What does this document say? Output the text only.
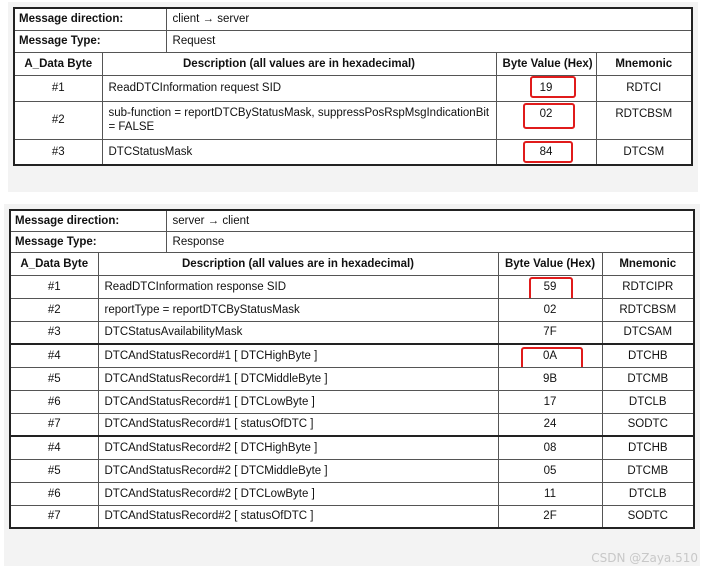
Message direction:		client → server		
Message Type:		Request		
A_Data Byte	Description (all values are in hexadecimal)		Byte Value (Hex)	Mnemonic
#1	ReadDTCInformation request SID		19	RDTCI
#2	sub-function = reportDTCByStatusMask, suppressPosRspMsgIndicationBit = FALSE		02	RDTCBSM
#3	DTCStatusMask		84	DTCSM
Message direction:		server → client		
Message Type:		Response		
A_Data Byte	Description (all values are in hexadecimal)		Byte Value (Hex)	Mnemonic
#1	ReadDTCInformation response SID		59	RDTCIPR
#2	reportType = reportDTCByStatusMask		02	RDTCBSM
#3	DTCStatusAvailabilityMask		7F	DTCSAM
#4	DTCAndStatusRecord#1 [ DTCHighByte ]		0A	DTCHB
#5	DTCAndStatusRecord#1 [ DTCMiddleByte ]		9B	DTCMB
#6	DTCAndStatusRecord#1 [ DTCLowByte ]		17	DTCLB
#7	DTCAndStatusRecord#1 [ statusOfDTC ]		24	SODTC
#4	DTCAndStatusRecord#2 [ DTCHighByte ]		08	DTCHB
#5	DTCAndStatusRecord#2 [ DTCMiddleByte ]		05	DTCMB
#6	DTCAndStatusRecord#2 [ DTCLowByte ]		11	DTCLB
#7	DTCAndStatusRecord#2 [ statusOfDTC ]		2F	SODTC
CSDN @Zaya.510
